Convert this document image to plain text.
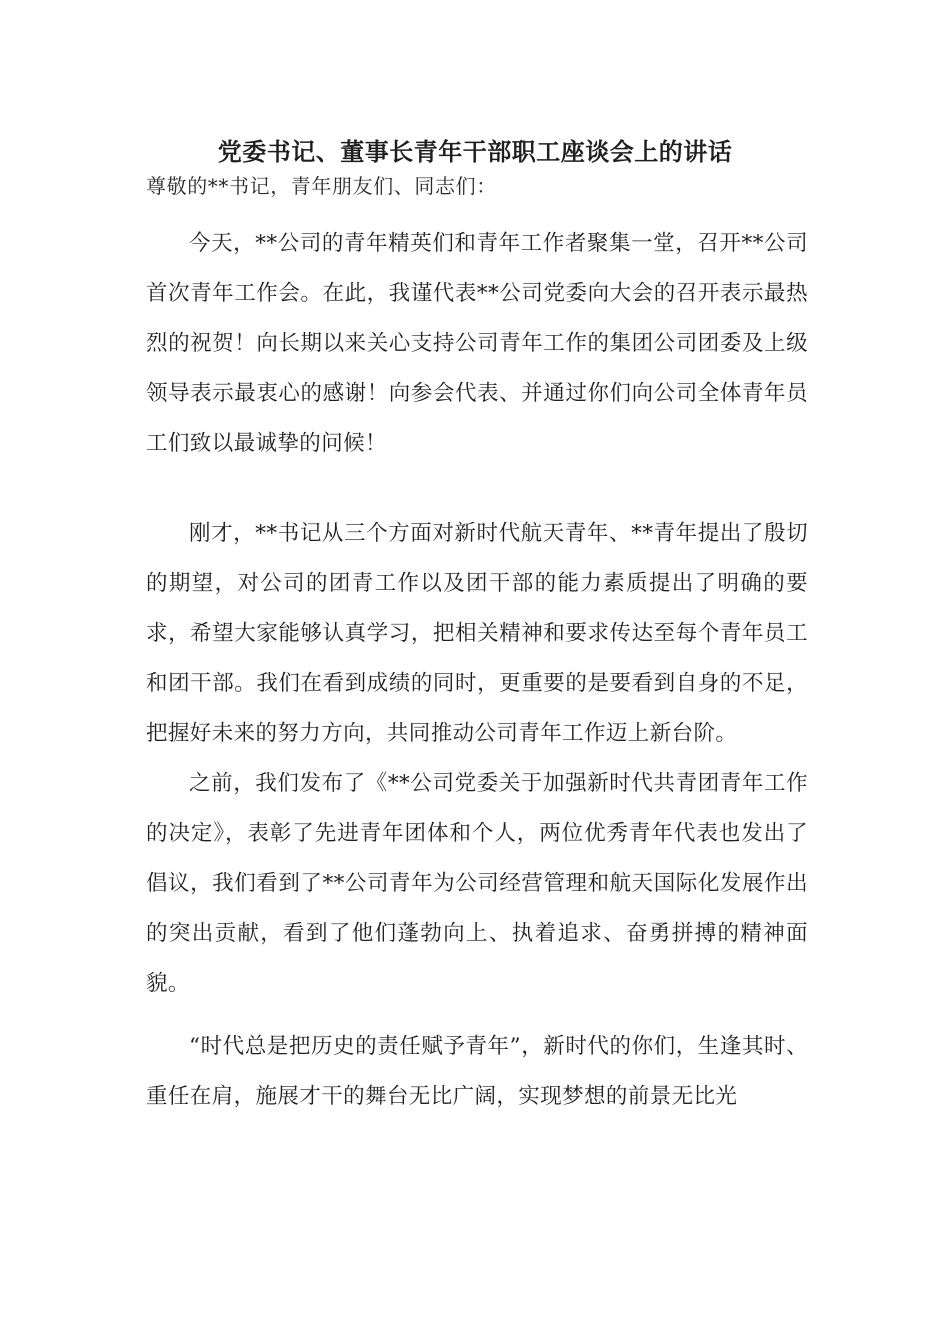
党委书记、董事长青年干部职工座谈会上的讲话
尊敬的**书记，青年朋友们、同志们：

今天，**公司的青年精英们和青年工作者聚集一堂，召开**公司首次青年工作会。在此，我谨代表**公司党委向大会的召开表示最热烈的祝贺！向长期以来关心支持公司青年工作的集团公司团委及上级领导表示最衷心的感谢！向参会代表、并通过你们向公司全体青年员工们致以最诚挚的问候！

刚才，**书记从三个方面对新时代航天青年、**青年提出了殷切的期望，对公司的团青工作以及团干部的能力素质提出了明确的要求，希望大家能够认真学习，把相关精神和要求传达至每个青年员工和团干部。我们在看到成绩的同时，更重要的是要看到自身的不足，把握好未来的努力方向，共同推动公司青年工作迈上新台阶。

之前，我们发布了《**公司党委关于加强新时代共青团青年工作的决定》，表彰了先进青年团体和个人，两位优秀青年代表也发出了倡议，我们看到了**公司青年为公司经营管理和航天国际化发展作出的突出贡献，看到了他们蓬勃向上、执着追求、奋勇拼搏的精神面貌。

“时代总是把历史的责任赋予青年”，新时代的你们，生逢其时、重任在肩，施展才干的舞台无比广阔，实现梦想的前景无比光
